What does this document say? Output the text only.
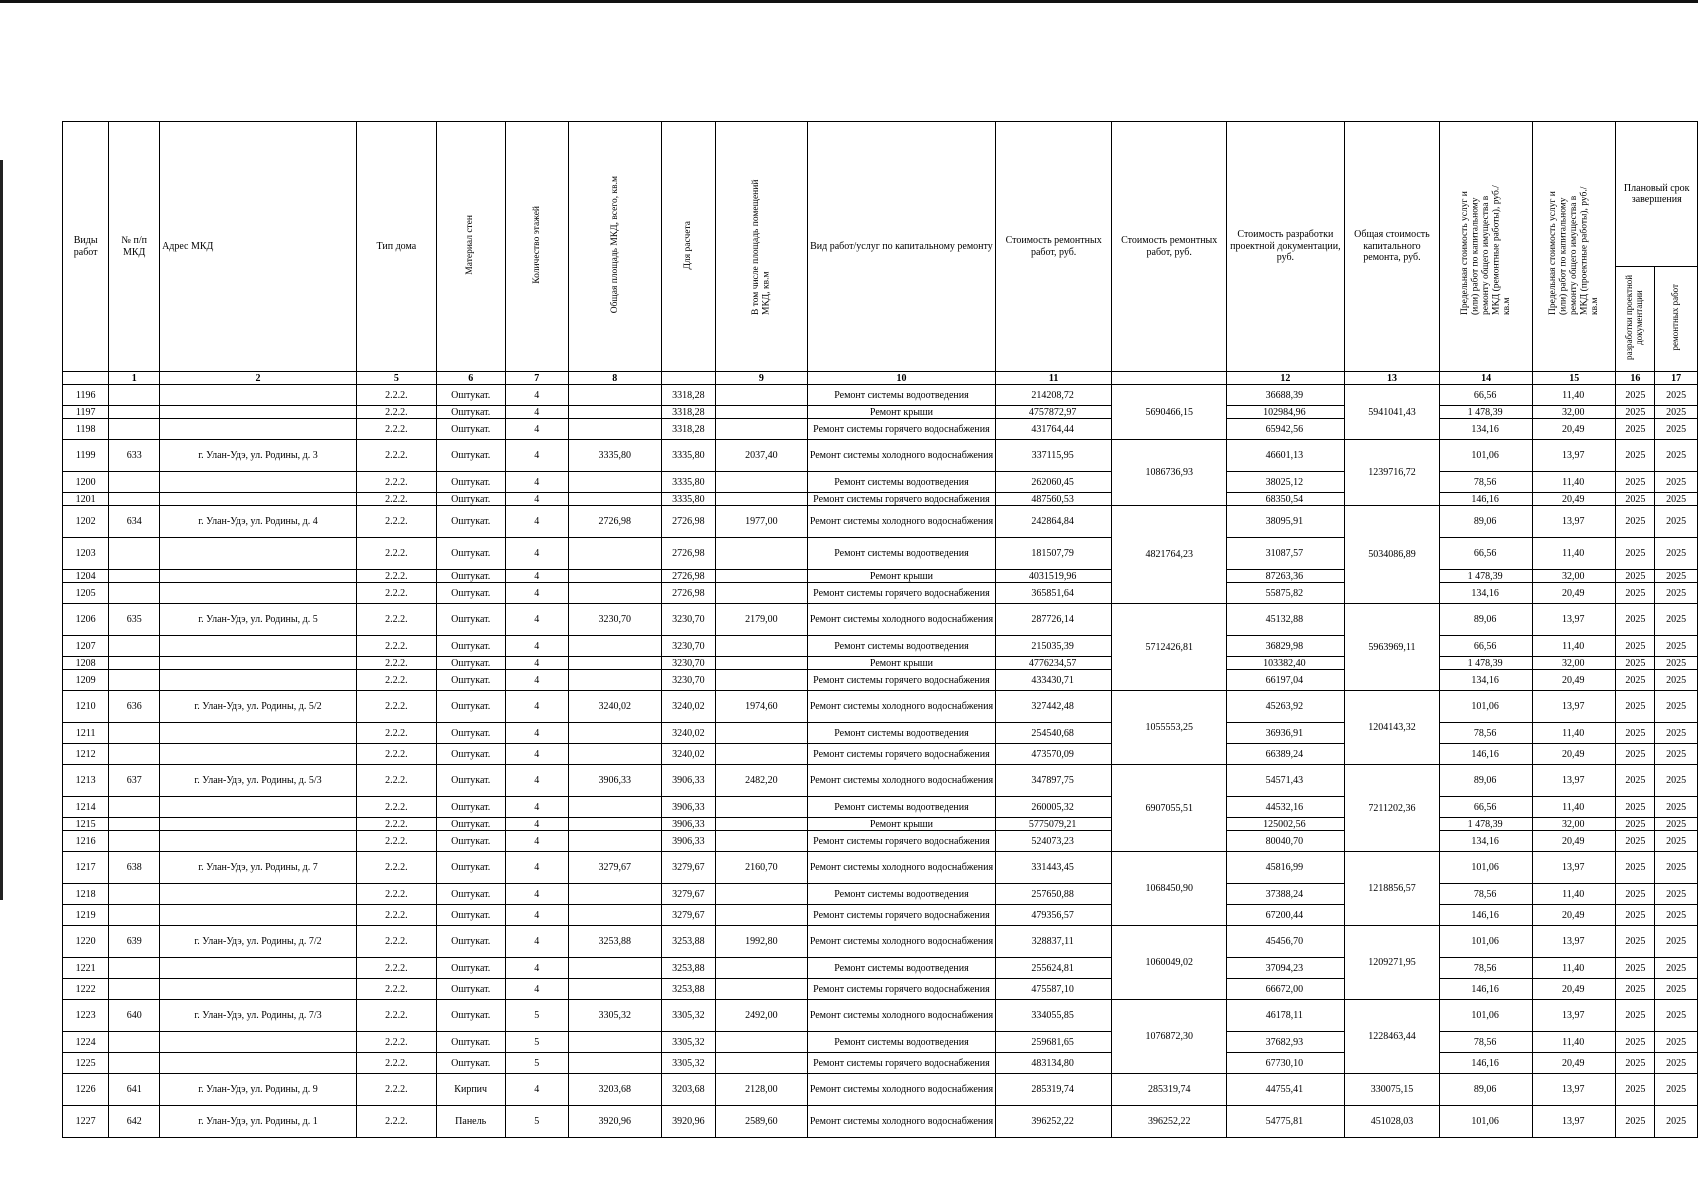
Виды работ	№ п/п МКД	Адрес МКД	Тип дома	Материал стен	Количество этажей	Общая площадь МКД, всего, кв.м	Для расчета	В том числе площадь помещений МКД, кв.м	Вид работ/услуг по капитальному ремонту	Стоимость ремонтных работ, руб.	Стоимость ремонтных работ, руб.	Стоимость разработки проектной документации, руб.	Общая стоимость капитального ремонта, руб.	Предельная стоимость услуг и (или) работ по капитальному ремонту общего имущества в МКД (ремонтные работы), руб./кв.м	Предельная стоимость услуг и (или) работ по капитальному ремонту общего имущества в МКД (проектные работы), руб./кв.м	Плановый срок завершения	
																разработки проектной документации	ремонтных работ
	1	2	5	6	7	8		9	10	11		12	13	14	15	16	17
1196			2.2.2.	Оштукат.	4		3318,28		Ремонт системы водоотведения	214208,72	5690466,15	36688,39	5941041,43	66,56	11,40	2025	2025
1197			2.2.2.	Оштукат.	4		3318,28		Ремонт крыши	4757872,97		102984,96		1 478,39	32,00	2025	2025
1198			2.2.2.	Оштукат.	4		3318,28		Ремонт системы горячего водоснабжения	431764,44		65942,56		134,16	20,49	2025	2025
1199	633	г. Улан-Удэ, ул. Родины, д. 3	2.2.2.	Оштукат.	4	3335,80	3335,80	2037,40	Ремонт системы холодного водоснабжения	337115,95	1086736,93	46601,13	1239716,72	101,06	13,97	2025	2025
1200			2.2.2.	Оштукат.	4		3335,80		Ремонт системы водоотведения	262060,45		38025,12		78,56	11,40	2025	2025
1201			2.2.2.	Оштукат.	4		3335,80		Ремонт системы горячего водоснабжения	487560,53		68350,54		146,16	20,49	2025	2025
1202	634	г. Улан-Удэ, ул. Родины, д. 4	2.2.2.	Оштукат.	4	2726,98	2726,98	1977,00	Ремонт системы холодного водоснабжения	242864,84	4821764,23	38095,91	5034086,89	89,06	13,97	2025	2025
1203			2.2.2.	Оштукат.	4		2726,98		Ремонт системы водоотведения	181507,79		31087,57		66,56	11,40	2025	2025
1204			2.2.2.	Оштукат.	4		2726,98		Ремонт крыши	4031519,96		87263,36		1 478,39	32,00	2025	2025
1205			2.2.2.	Оштукат.	4		2726,98		Ремонт системы горячего водоснабжения	365851,64		55875,82		134,16	20,49	2025	2025
1206	635	г. Улан-Удэ, ул. Родины, д. 5	2.2.2.	Оштукат.	4	3230,70	3230,70	2179,00	Ремонт системы холодного водоснабжения	287726,14	5712426,81	45132,88	5963969,11	89,06	13,97	2025	2025
1207			2.2.2.	Оштукат.	4		3230,70		Ремонт системы водоотведения	215035,39		36829,98		66,56	11,40	2025	2025
1208			2.2.2.	Оштукат.	4		3230,70		Ремонт крыши	4776234,57		103382,40		1 478,39	32,00	2025	2025
1209			2.2.2.	Оштукат.	4		3230,70		Ремонт системы горячего водоснабжения	433430,71		66197,04		134,16	20,49	2025	2025
1210	636	г. Улан-Удэ, ул. Родины, д. 5/2	2.2.2.	Оштукат.	4	3240,02	3240,02	1974,60	Ремонт системы холодного водоснабжения	327442,48	1055553,25	45263,92	1204143,32	101,06	13,97	2025	2025
1211			2.2.2.	Оштукат.	4		3240,02		Ремонт системы водоотведения	254540,68		36936,91		78,56	11,40	2025	2025
1212			2.2.2.	Оштукат.	4		3240,02		Ремонт системы горячего водоснабжения	473570,09		66389,24		146,16	20,49	2025	2025
1213	637	г. Улан-Удэ, ул. Родины, д. 5/3	2.2.2.	Оштукат.	4	3906,33	3906,33	2482,20	Ремонт системы холодного водоснабжения	347897,75	6907055,51	54571,43	7211202,36	89,06	13,97	2025	2025
1214			2.2.2.	Оштукат.	4		3906,33		Ремонт системы водоотведения	260005,32		44532,16		66,56	11,40	2025	2025
1215			2.2.2.	Оштукат.	4		3906,33		Ремонт крыши	5775079,21		125002,56		1 478,39	32,00	2025	2025
1216			2.2.2.	Оштукат.	4		3906,33		Ремонт системы горячего водоснабжения	524073,23		80040,70		134,16	20,49	2025	2025
1217	638	г. Улан-Удэ, ул. Родины, д. 7	2.2.2.	Оштукат.	4	3279,67	3279,67	2160,70	Ремонт системы холодного водоснабжения	331443,45	1068450,90	45816,99	1218856,57	101,06	13,97	2025	2025
1218			2.2.2.	Оштукат.	4		3279,67		Ремонт системы водоотведения	257650,88		37388,24		78,56	11,40	2025	2025
1219			2.2.2.	Оштукат.	4		3279,67		Ремонт системы горячего водоснабжения	479356,57		67200,44		146,16	20,49	2025	2025
1220	639	г. Улан-Удэ, ул. Родины, д. 7/2	2.2.2.	Оштукат.	4	3253,88	3253,88	1992,80	Ремонт системы холодного водоснабжения	328837,11	1060049,02	45456,70	1209271,95	101,06	13,97	2025	2025
1221			2.2.2.	Оштукат.	4		3253,88		Ремонт системы водоотведения	255624,81		37094,23		78,56	11,40	2025	2025
1222			2.2.2.	Оштукат.	4		3253,88		Ремонт системы горячего водоснабжения	475587,10		66672,00		146,16	20,49	2025	2025
1223	640	г. Улан-Удэ, ул. Родины, д. 7/3	2.2.2.	Оштукат.	5	3305,32	3305,32	2492,00	Ремонт системы холодного водоснабжения	334055,85	1076872,30	46178,11	1228463,44	101,06	13,97	2025	2025
1224			2.2.2.	Оштукат.	5		3305,32		Ремонт системы водоотведения	259681,65		37682,93		78,56	11,40	2025	2025
1225			2.2.2.	Оштукат.	5		3305,32		Ремонт системы горячего водоснабжения	483134,80		67730,10		146,16	20,49	2025	2025
1226	641	г. Улан-Удэ, ул. Родины, д. 9	2.2.2.	Кирпич	4	3203,68	3203,68	2128,00	Ремонт системы холодного водоснабжения	285319,74	285319,74	44755,41	330075,15	89,06	13,97	2025	2025
1227	642	г. Улан-Удэ, ул. Родины, д. 1	2.2.2.	Панель	5	3920,96	3920,96	2589,60	Ремонт системы холодного водоснабжения	396252,22	396252,22	54775,81	451028,03	101,06	13,97	2025	2025
